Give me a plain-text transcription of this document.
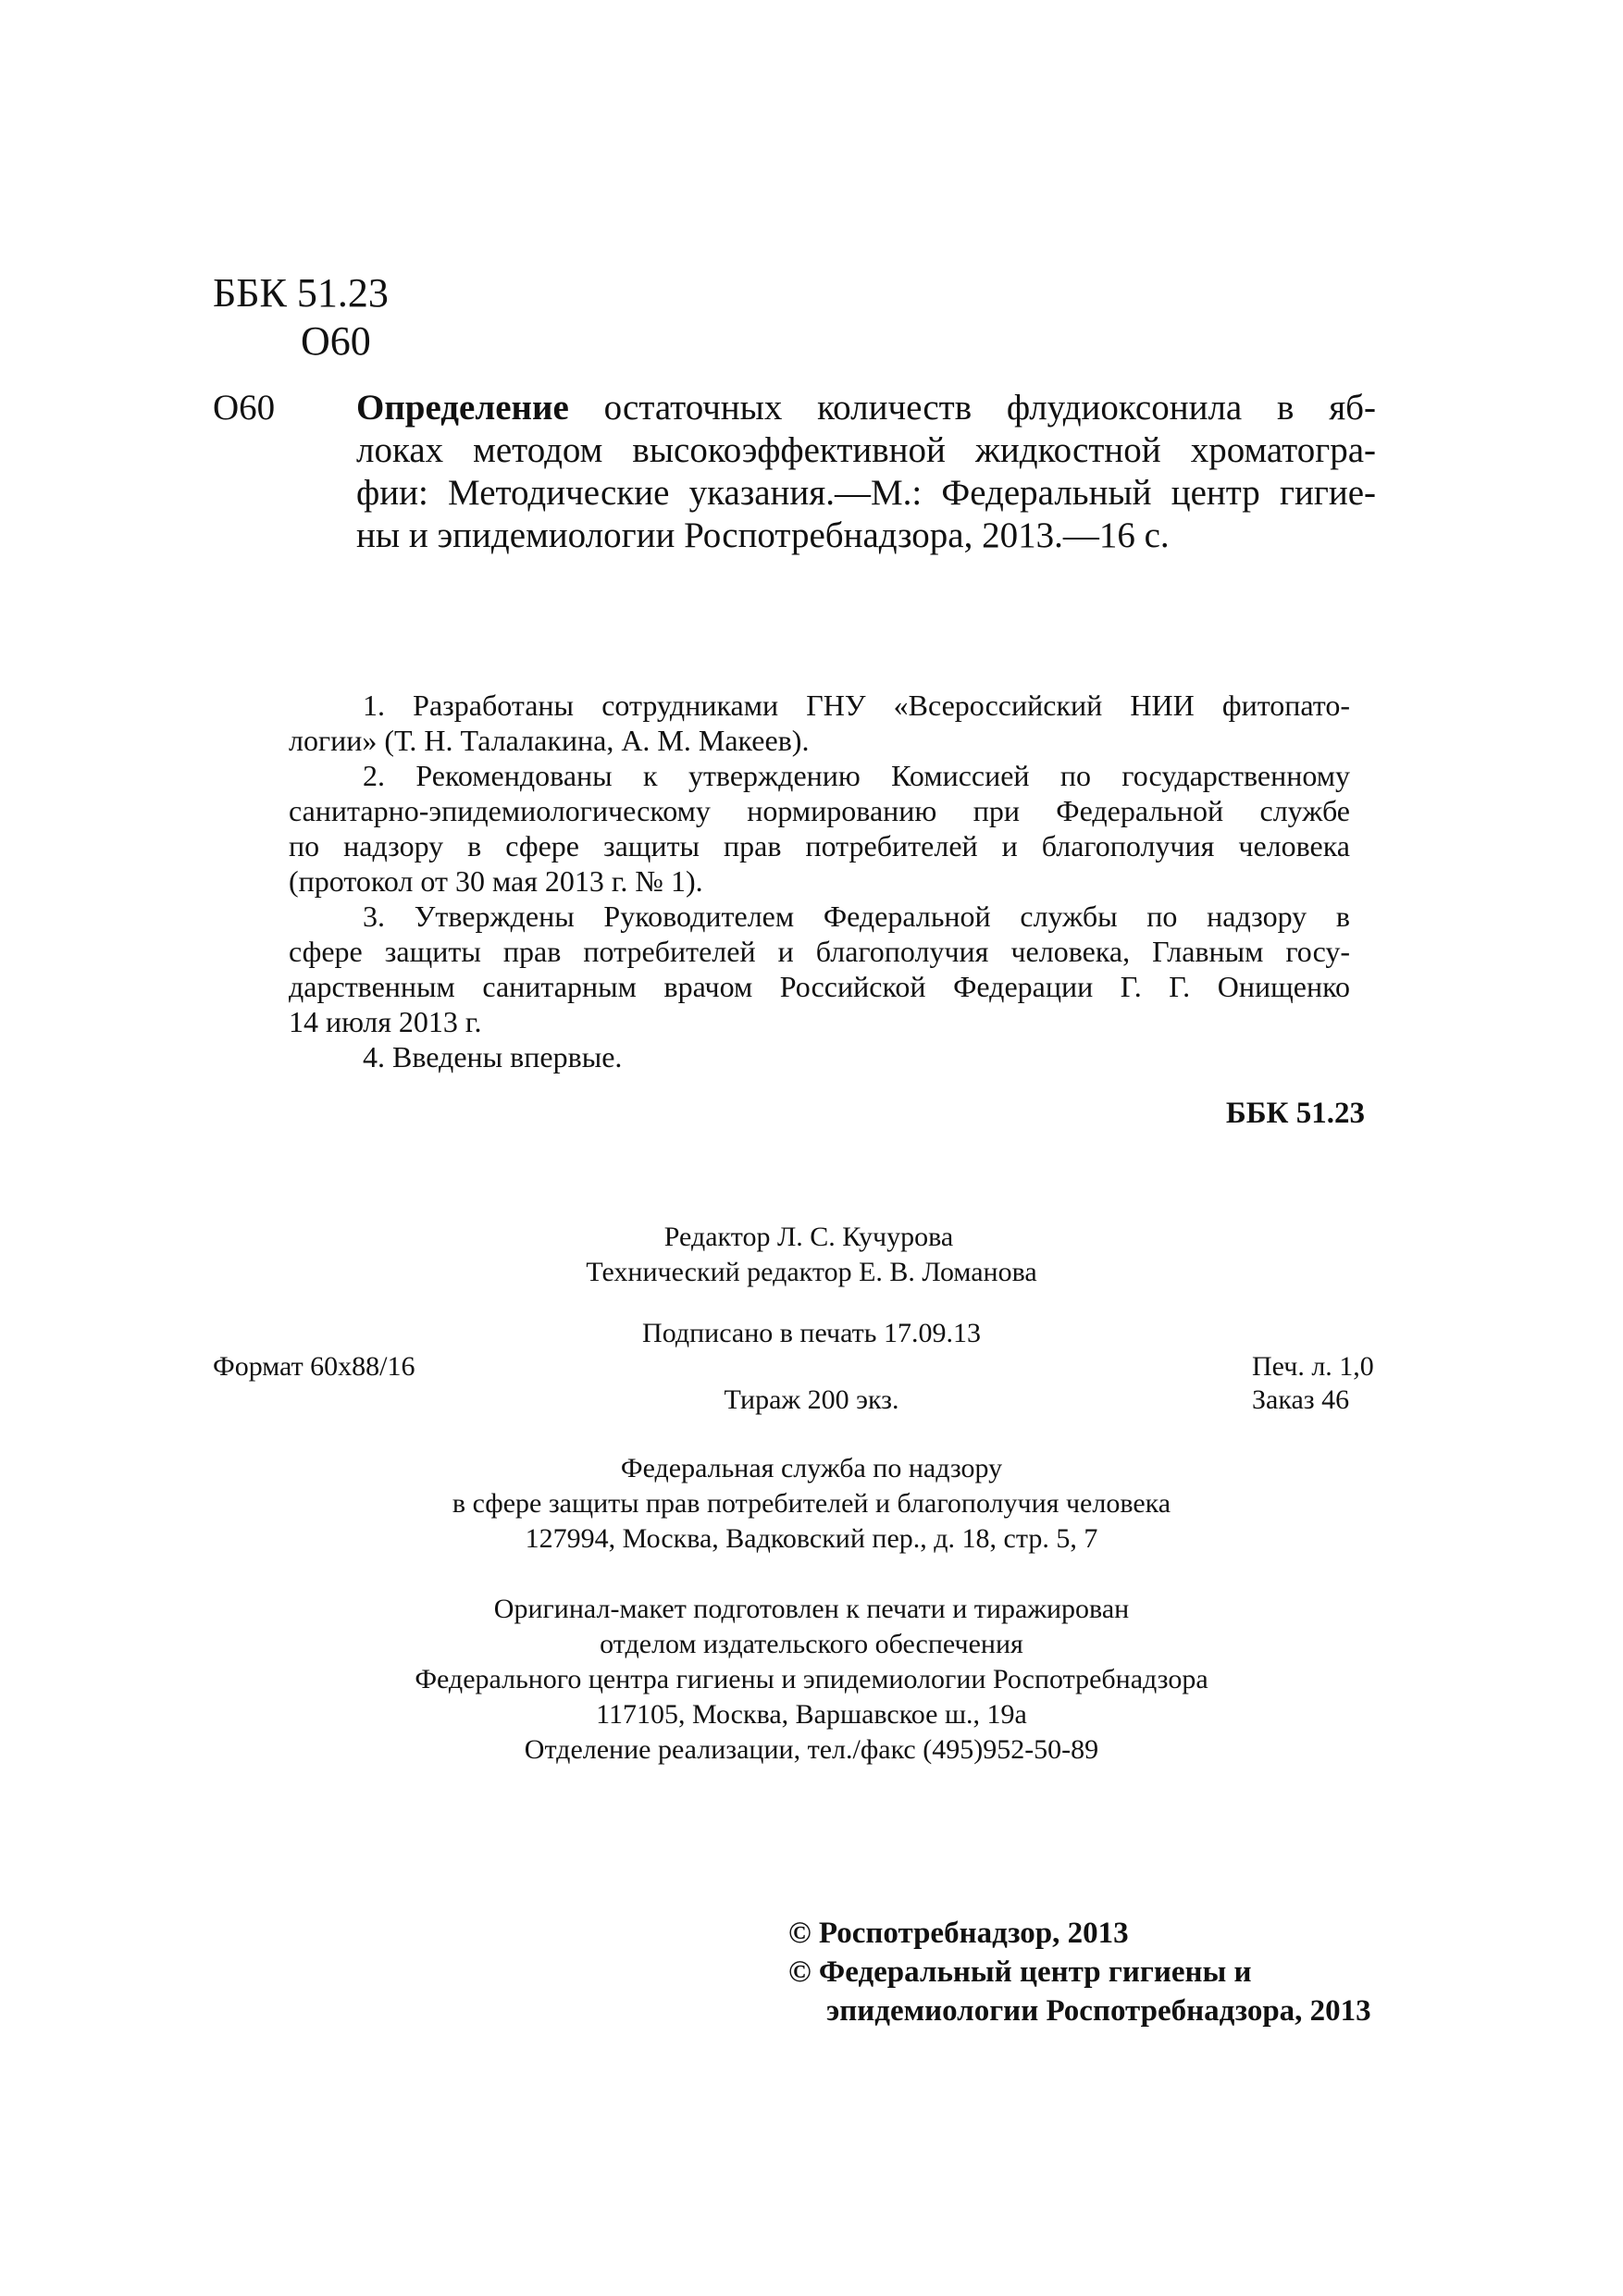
ББК 51.23
О60
О60 Определение остаточных количеств флудиоксонила в яб-
локах методом высокоэффективной жидкостной хроматогра-
фии: Методические указания.—М.: Федеральный центр гигие-
ны и эпидемиологии Роспотребнадзора, 2013.—16 с.
1. Разработаны сотрудниками ГНУ «Всероссийский НИИ фитопато-
логии» (Т. Н. Талалакина, А. М. Макеев).
2. Рекомендованы к утверждению Комиссией по государственному
санитарно-эпидемиологическому нормированию при Федеральной службе
по надзору в сфере защиты прав потребителей и благополучия человека
(протокол от 30 мая 2013 г. № 1).
3. Утверждены Руководителем Федеральной службы по надзору в
сфере защиты прав потребителей и благополучия человека, Главным госу-
дарственным санитарным врачом Российской Федерации Г. Г. Онищенко
14 июля 2013 г.
4. Введены впервые.
ББК 51.23
Редактор Л. С. Кучурова
Технический редактор Е. В. Ломанова
Подписано в печать 17.09.13
Формат 60х88/16	Печ. л. 1,0
Тираж 200 экз.	Заказ 46
Федеральная служба по надзору
в сфере защиты прав потребителей и благополучия человека
127994, Москва, Вадковский пер., д. 18, стр. 5, 7
Оригинал-макет подготовлен к печати и тиражирован
отделом издательского обеспечения
Федерального центра гигиены и эпидемиологии Роспотребнадзора
117105, Москва, Варшавское ш., 19а
Отделение реализации, тел./факс (495)952-50-89
© Роспотребнадзор, 2013
© Федеральный центр гигиены и
эпидемиологии Роспотребнадзора, 2013
